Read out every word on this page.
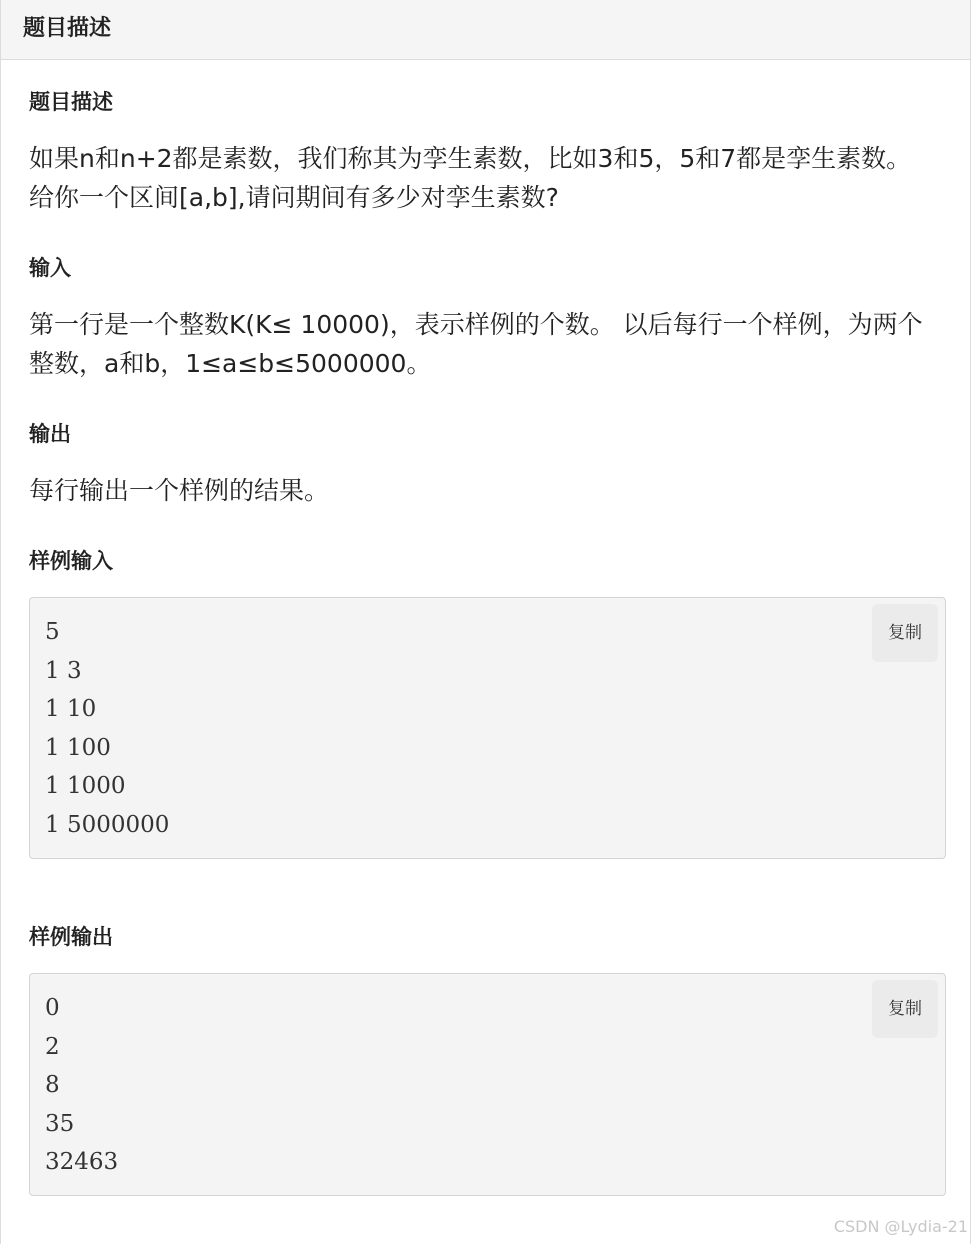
题目描述
题目描述
如果n和n+2都是素数，我们称其为孪生素数，比如3和5，5和7都是孪生素数。 给你一个区间[a,b],请问期间有多少对孪生素数?
输入
第一行是一个整数K(K≤ 10000)，表示样例的个数。 以后每行一个样例，为两个整数，a和b，1≤a≤b≤5000000。
输出
每行输出一个样例的结果。
样例输入
5
1 3
1 10
1 100
1 1000
1 5000000
复制
样例输出
0
2
8
35
32463
复制
CSDN @Lydia-21
